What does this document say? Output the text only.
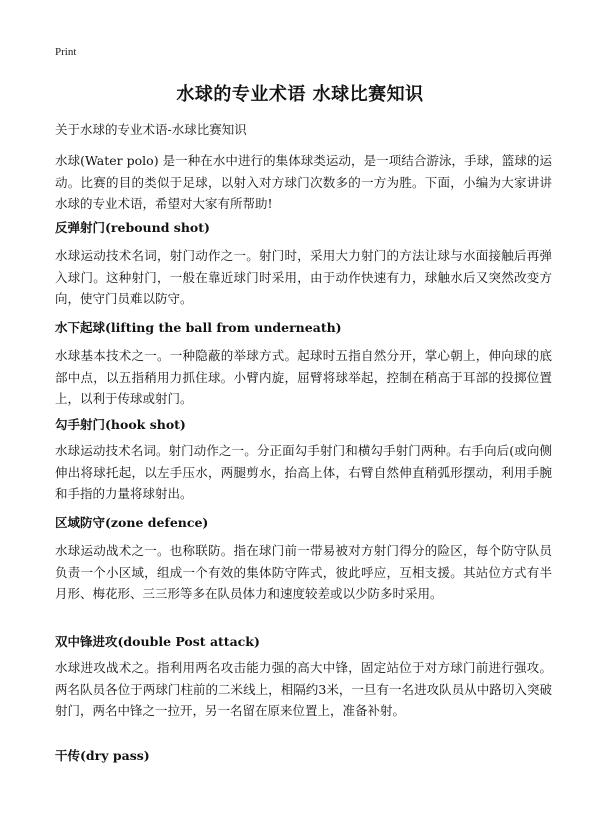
Print
水球的专业术语 水球比赛知识
关于水球的专业术语-水球比赛知识
水球(Water polo) 是一种在水中进行的集体球类运动，是一项结合游泳，手球，篮球的运动。比赛的目的类似于足球，以射入对方球门次数多的一方为胜。下面，小编为大家讲讲水球的专业术语，希望对大家有所帮助!
反弹射门(rebound shot)
水球运动技术名词，射门动作之一。射门时，采用大力射门的方法让球与水面接触后再弹入球门。这种射门，一般在靠近球门时采用，由于动作快速有力，球触水后又突然改变方向，使守门员难以防守。
水下起球(lifting the ball from underneath)
水球基本技术之一。一种隐蔽的举球方式。起球时五指自然分开，掌心朝上，伸向球的底部中点，以五指稍用力抓住球。小臂内旋，屈臂将球举起，控制在稍高于耳部的投掷位置上，以利于传球或射门。
勾手射门(hook shot)
水球运动技术名词。射门动作之一。分正面勾手射门和横勾手射门两种。右手向后(或向侧伸出将球托起，以左手压水，两腿剪水，抬高上体，右臂自然伸直稍弧形摆动，利用手腕和手指的力量将球射出。
区域防守(zone defence)
水球运动战术之一。也称联防。指在球门前一带易被对方射门得分的险区，每个防守队员负责一个小区域，组成一个有效的集体防守阵式，彼此呼应，互相支援。其站位方式有半月形、梅花形、三三形等多在队员体力和速度较差或以少防多时采用。
双中锋进攻(double Post attack)
水球进攻战术之。指利用两名攻击能力强的高大中锋，固定站位于对方球门前进行强攻。两名队员各位于两球门柱前的二米线上，相隔约3米，一旦有一名进攻队员从中路切入突破射门，两名中锋之一拉开，另一名留在原来位置上，准备补射。
干传(dry pass)
